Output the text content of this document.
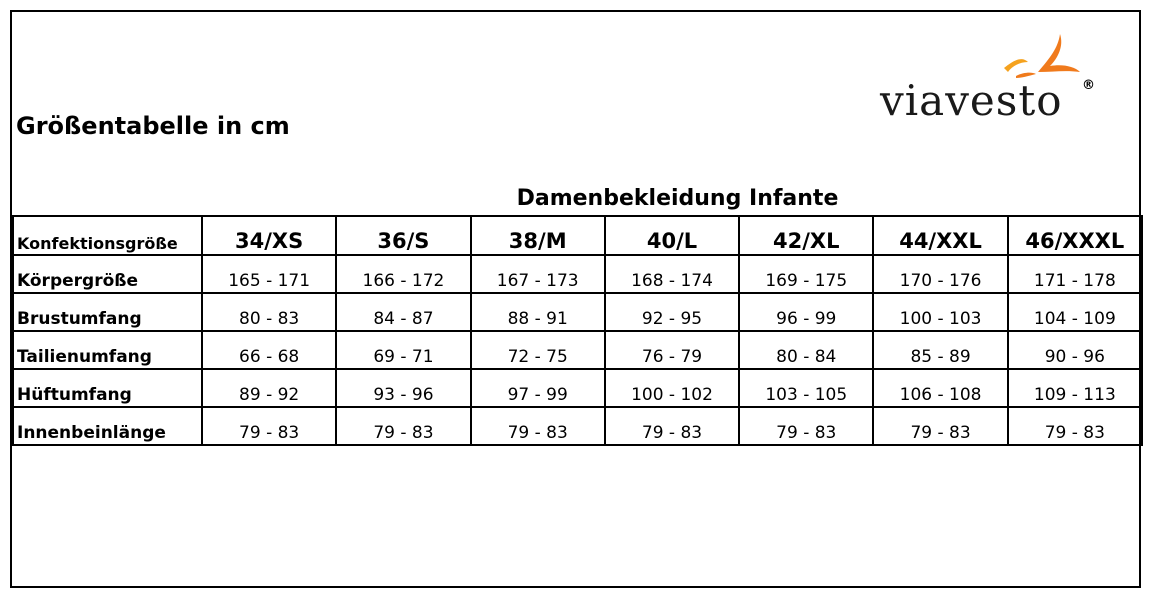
Größentabelle in cm
viavesto ®
Damenbekleidung Infante
Konfektionsgröße	34/XS	36/S	38/M	40/L	42/XL	44/XXL	46/XXXL
Körpergröße	165 - 171	166 - 172	167 - 173	168 - 174	169 - 175	170 - 176	171 - 178
Brustumfang	80 - 83	84 - 87	88 - 91	92 - 95	96 - 99	100 - 103	104 - 109
Tailienumfang	66 - 68	69 - 71	72 - 75	76 - 79	80 - 84	85 - 89	90 - 96
Hüftumfang	89 - 92	93 - 96	97 - 99	100 - 102	103 - 105	106 - 108	109 - 113
Innenbeinlänge	79 - 83	79 - 83	79 - 83	79 - 83	79 - 83	79 - 83	79 - 83
